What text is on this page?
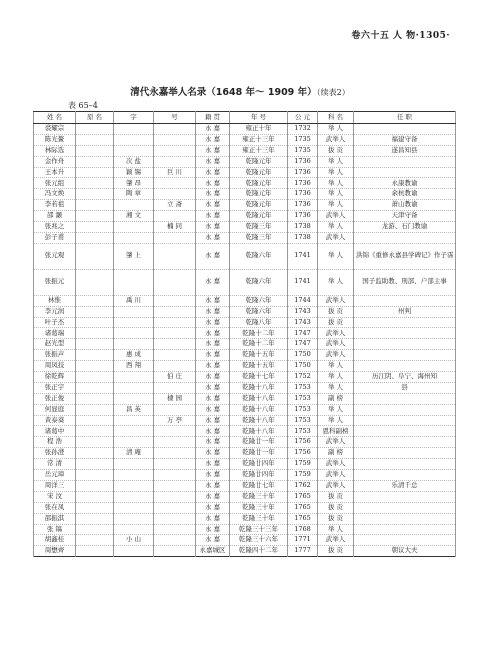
卷六十五 人 物·1305·
清代永嘉举人名录（1648 年～ 1909 年）（续表2）
表 65–4
姓 名	原 名	字	号	籍 贯	年 号	公 元	科 名	任 职
裘耀宗				永 嘉	雍正十年	1732	举 人	
陈光鳌				永 嘉	雍正十三年	1735	武举人	福建守备
林际选				永 嘉	雍正十三年	1735	拔 贡	遂昌知县
金作舟		次 盐		永 嘉	乾隆元年	1736	举 人	
王本升		颖 锡	巨 川	永 嘉	乾隆元年	1736	举 人	
张元组		肇 昂		永 嘉	乾隆元年	1736	举 人	永康教谕
冯文焕		陶 章		永 嘉	乾隆元年	1736	举 人	余杭教谕
李若祖			立 斋	永 嘉	乾隆元年	1736	举 人	萧山教谕
邵 灏		湘 文		永 嘉	乾隆元年	1736	武举人	天津守备
张兆之			楠 同	永 嘉	乾隆三年	1738	举 人	龙游、石门教谕
彭子甫				永 嘉	乾隆三年	1738	武举人	
张元观		肇 上		永 嘉	乾隆六年	1741	举 人	洪锦《重修永嘉县学碑记》作子霈
张振元				永 嘉	乾隆六年	1741	举 人	国子监助教、刑部、户部主事
林惟		禹 川		永 嘉	乾隆六年	1744	武举人	
李元润				永 嘉	乾隆六年	1743	拔 贡	州判
叶子杰				永 嘉	乾隆八年	1743	拔 贡	
诸葛瑞				永 嘉	乾隆十二年	1747	武举人	
赵光型				永 嘉	乾隆十二年	1747	武举人	
张振声		惠 成		永 嘉	乾隆十五年	1750	武举人	
周凤技		西 翔		永 嘉	乾隆十五年	1750	举 人	
徐乾辉			伯 庄	永 嘉	乾隆十七年	1752	举 人	历江阴、阜宁、海州知
张正宇				永 嘉	乾隆十八年	1753	举 人	县
张正俊			棣 园	永 嘉	乾隆十八年	1753	副 榜	
何显庭		昌 英		永 嘉	乾隆十八年	1753	举 人	
黄泰葵			万 亭	永 嘉	乾隆十八年	1753	举 人	
诸葛中				永 嘉	乾隆十八年	1753	恩科副榜	
程 浩				永 嘉	乾隆廿一年	1756	武举人	
张孙澄		清 庵		永 嘉	乾隆廿一年	1756	副 榜	
常 清				永 嘉	乾隆廿四年	1759	武举人	
岳元璋				永 嘉	乾隆廿四年	1759	武举人	
周洋三				永 嘉	乾隆廿七年	1762	武举人	乐清千总
宋 汶				永 嘉	乾隆三十年	1765	拔 贡	
张在凤				永 嘉	乾隆三十年	1765	拔 贡	
邵振淇				永 嘉	乾隆三十年	1765	拔 贡	
张 镐				永 嘉	乾隆三十三年	1768	举 人	
胡鑫桂		小 山		永 嘉	乾隆三十六年	1771	武举人	
周懋齊				永嘉城区	乾隆四十二年	1777	拔 贡	朝议大夫
